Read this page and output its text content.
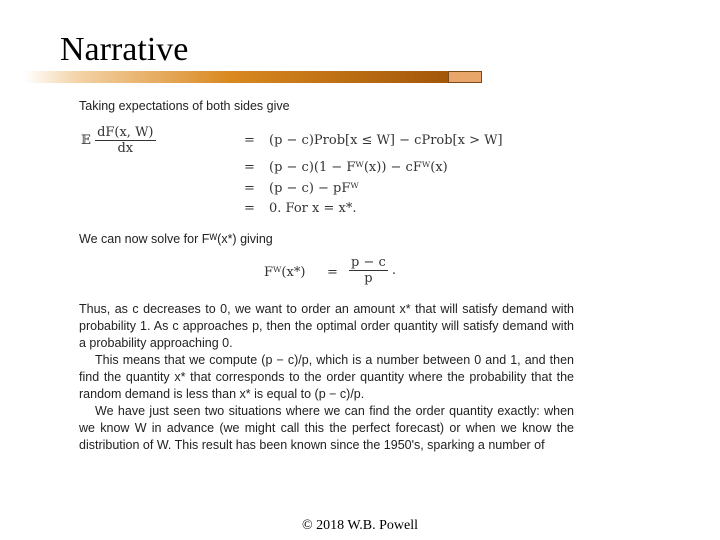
Narrative
Taking expectations of both sides give
𝔼 $\frac{dF(x, W)}{dx}$	= (p − c)Prob[x ≤ W] − cProb[x > W]
= (p − c)(1 − Fᵂ(x)) − cFᵂ(x)
= (p − c) − pFᵂ
= 0. For x = x*.
We can now solve for Fᵂ(x*) giving
Fᵂ(x*) = $\frac{p - c}{p}$ .

Thus, as c decreases to 0, we want to order an amount x* that will satisfy demand with probability 1. As c approaches p, then the optimal order quantity will satisfy demand with a probability approaching 0.

This means that we compute (p − c)/p, which is a number between 0 and 1, and then find the quantity x* that corresponds to the order quantity where the probability that the random demand is less than x* is equal to (p − c)/p.

We have just seen two situations where we can find the order quantity exactly: when we know W in advance (we might call this the perfect forecast) or when we know the distribution of W. This result has been known since the 1950's, sparking a number of

© 2018 W.B. Powell
